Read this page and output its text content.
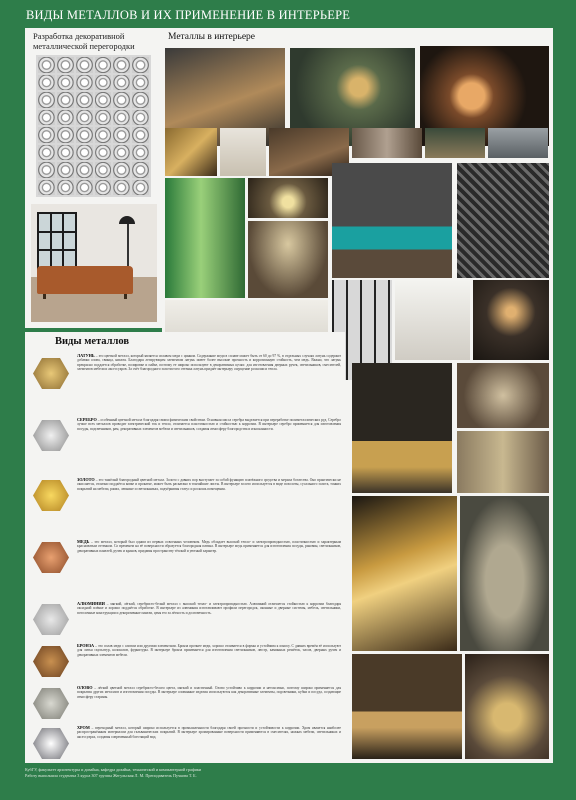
ВИДЫ МЕТАЛЛОВ И ИХ ПРИМЕНЕНИЕ В ИНТЕРЬЕРЕ
Разработка декоративной металлической перегородки
Металлы в интерьере
Виды металлов

ЛАТУНЬ – это цветной металл, который является сплавом меди с цинком. Содержание меди в сплаве может быть от 60 до 97 %, в отдельных случаях латунь содержит добавки олова, свинца, никеля. Благодаря легирующим элементам латунь имеет более высокие прочность и коррозионную стойкость, чем медь. Важно, что латунь прекрасно поддается обработке, полировке и пайке, поэтому ее широко используют в декоративных целях: для изготовления дверных ручек, светильников, смесителей, элементов мебели и аксессуаров. За счёт благородного золотистого оттенка латунь придаёт интерьеру ощущение роскоши и тепла.

СЕРЕБРО – особенный цветной металл благодаря своим физическим свойствам. Основная масса серебра выделяется при переработке полиметаллических руд. Серебро лучше всех металлов проводит электрический ток и тепло, отличается пластичностью и стойкостью к коррозии. В интерьере серебро применяется для изготовления посуды, подсвечников, рам, декоративных элементов мебели и светильников, создавая атмосферу благородства и изысканности.

ЗОЛОТО – это тяжёлый благородный цветной металл. Золото с давних пор выступает за собой функцию платёжного средства и мерила богатства. Оно практически не окисляется, отлично поддаётся ковке и прокатке, может быть раскатано в тончайшие листы. В интерьере золото используется в виде позолоты, сусального золота, тонких покрытий на мебели, рамах, лепнине и светильниках, подчёркивая статус и роскошь помещения.

МЕДЬ – это металл, который был одним из первых освоенных человеком. Медь обладает высокой тепло- и электропроводностью, пластичностью и характерным красноватым оттенком. Со временем на её поверхности образуется благородная патина. В интерьере медь применяется для изготовления посуды, раковин, светильников, декоративных панелей, ручек и кранов, придавая пространству тёплый и уютный характер.

АЛЮМИНИЙ – мягкий, лёгкий, серебристо-белый металл с высокой тепло- и электропроводностью. Алюминий отличается стойкостью к коррозии благодаря оксидной плёнке и хорошо поддаётся обработке. В интерьере из алюминия изготавливают профили перегородок, оконные и дверные системы, мебель, светильники, потолочные конструкции и декоративные панели, ценя его за лёгкость и долговечность.

БРОНЗА – это сплав меди с оловом или другими элементами. Бронза прочнее меди, хорошо отливается в формы и устойчива к износу. С давних времён её используют для литья скульптур, колоколов, фурнитуры. В интерьере бронза применяется для изготовления светильников, люстр, каминных решёток, часов, дверных ручек и декоративных элементов мебели.

ОЛОВО – лёгкий цветной металл серебристо-белого цвета, мягкий и пластичный. Олово устойчиво к коррозии и нетоксично, поэтому широко применяется для покрытия других металлов и изготовления посуды. В интерьере оловянные изделия используются как декоративные элементы, подсвечники, кубки и посуда, создающие атмосферу старины.

ХРОМ – переходный металл, который широко используется в промышленности благодаря своей прочности и устойчивости к коррозии. Хром является наиболее распространённым материалом для гальванических покрытий. В интерьере хромированные поверхности применяются в смесителях, ножках мебели, светильниках и аксессуарах, создавая современный блестящий вид.

КубГУ, факультет архитектуры и дизайна, кафедра дизайна, технической и компьютерной графики
Работу выполнила студентка 3 курса 307 группы Жегульская Л. М. Преподаватель Пучкова Т. Б.
